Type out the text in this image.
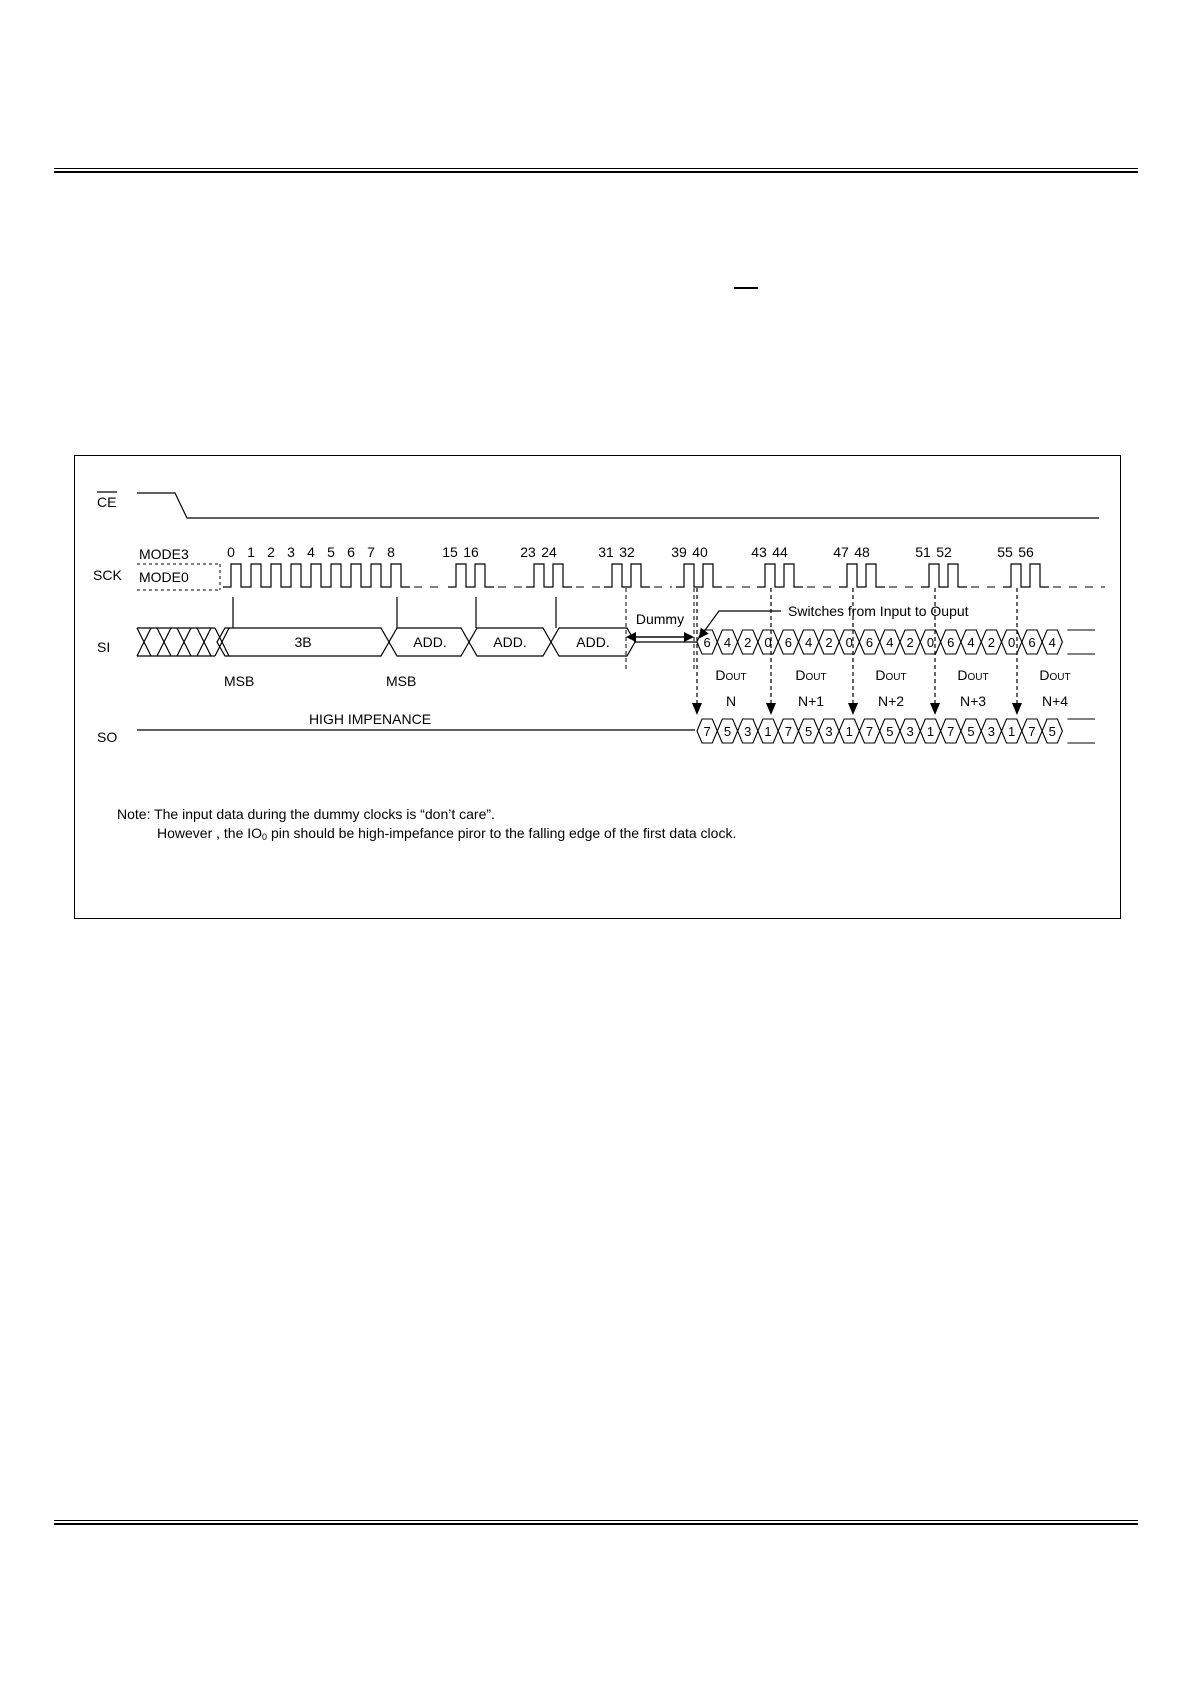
CE
SCK
SI
SO
MODE3
MODE0
0 1 2 3 4 5 6 7 8	15 16	23 24	31 32	39 40	43 44	47 48	51 52	55 56
Dummy	Switches from Input to Ouput
3B	ADD.	ADD.	ADD.	6 4 2 0 6 4 2 0 6 4 2 0 6 4 2 0 6 4
MSB	MSB	DOUT
N
DOUT
N+1
DOUT
N+2
DOUT
N+3
DOUT
N+4
HIGH IMPENANCE
7 5 3 1 7 5 3 1 7 5 3 1 7 5 3 1 7 5
Note: The input data during the dummy clocks is “don’t care”.
However , the IO0 pin should be high-impefance piror to the falling edge of the first data clock.
